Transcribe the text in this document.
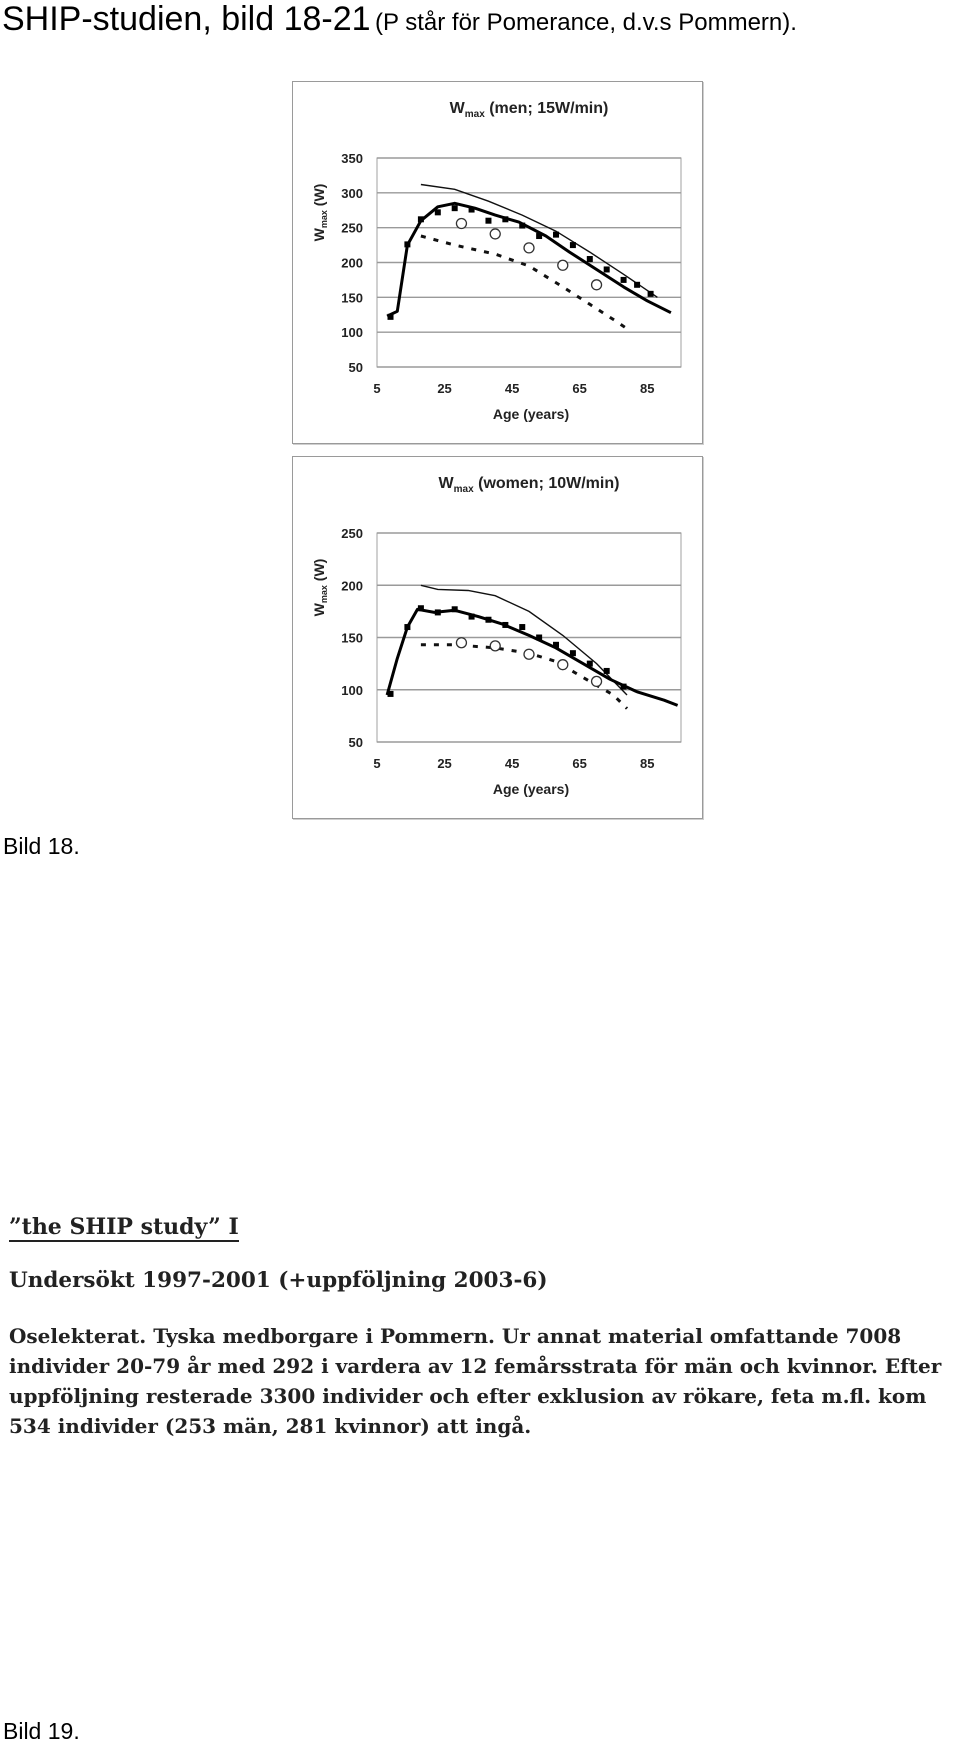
SHIP-studien, bild 18-21 (P står för Pomerance, d.v.s Pommern).
50
100
150
200
250
300
350
5	25	45	65	85
$W_{max}$ (men; 15W/min)
Age (years)
$W_{max}$ (W)
50
100
150
200
250
5	25	45	65	85
$W_{max}$ (women; 10W/min)
Age (years)
$W_{max}$ (W)
Bild 18.
”the SHIP study” I
Undersökt 1997-2001 (+uppföljning 2003-6)
Oselekterat. Tyska medborgare i Pommern. Ur annat material omfattande 7008 individer 20-79 år med 292 i vardera av 12 femårsstrata för män och kvinnor. Efter uppföljning resterade 3300 individer och efter exklusion av rökare, feta m.fl. kom 534 individer (253 män, 281 kvinnor) att ingå.
Bild 19.
